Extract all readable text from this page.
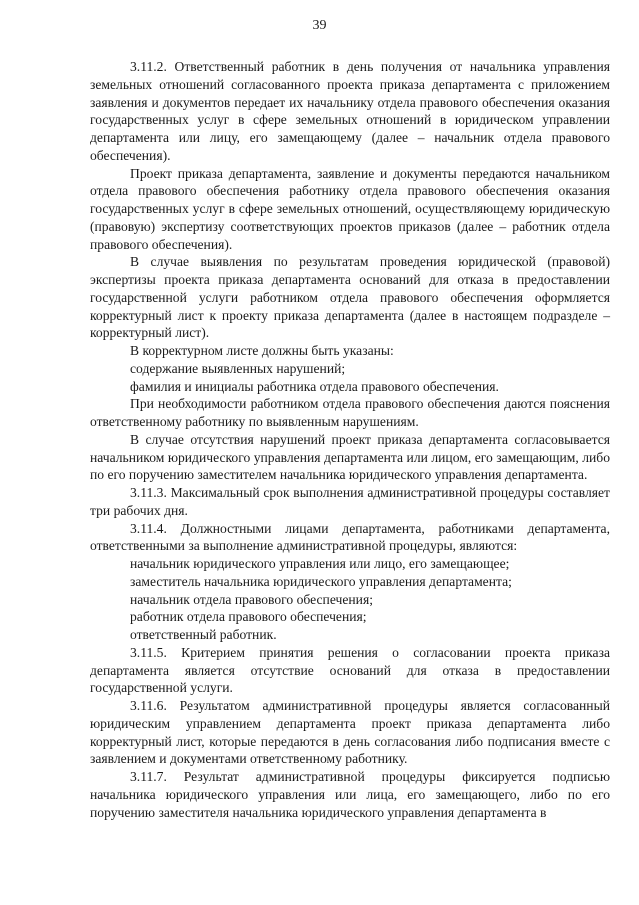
39

3.11.2. Ответственный работник в день получения от начальника управления земельных отношений согласованного проекта приказа департамента с приложением заявления и документов передает их начальнику отдела правового обеспечения оказания государственных услуг в сфере земельных отношений в юридическом управлении департамента или лицу, его замещающему (далее – начальник отдела правового обеспечения).

Проект приказа департамента, заявление и документы передаются начальником отдела правового обеспечения работнику отдела правового обеспечения оказания государственных услуг в сфере земельных отношений, осуществляющему юридическую (правовую) экспертизу соответствующих проектов приказов (далее – работник отдела правового обеспечения).

В случае выявления по результатам проведения юридической (правовой) экспертизы проекта приказа департамента оснований для отказа в предоставлении государственной услуги работником отдела правового обеспечения оформляется корректурный лист к проекту приказа департамента (далее в настоящем подразделе – корректурный лист).

В корректурном листе должны быть указаны:

содержание выявленных нарушений;

фамилия и инициалы работника отдела правового обеспечения.

При необходимости работником отдела правового обеспечения даются пояснения ответственному работнику по выявленным нарушениям.

В случае отсутствия нарушений проект приказа департамента согласовывается начальником юридического управления департамента или лицом, его замещающим, либо по его поручению заместителем начальника юридического управления департамента.

3.11.3. Максимальный срок выполнения административной процедуры составляет три рабочих дня.

3.11.4. Должностными лицами департамента, работниками департамента, ответственными за выполнение административной процедуры, являются:

начальник юридического управления или лицо, его замещающее;

заместитель начальника юридического управления департамента;

начальник отдела правового обеспечения;

работник отдела правового обеспечения;

ответственный работник.

3.11.5. Критерием принятия решения о согласовании проекта приказа департамента является отсутствие оснований для отказа в предоставлении государственной услуги.

3.11.6. Результатом административной процедуры является согласованный юридическим управлением департамента проект приказа департамента либо корректурный лист, которые передаются в день согласования либо подписания вместе с заявлением и документами ответственному работнику.

3.11.7. Результат административной процедуры фиксируется подписью начальника юридического управления или лица, его замещающего, либо по его поручению заместителя начальника юридического управления департамента в
